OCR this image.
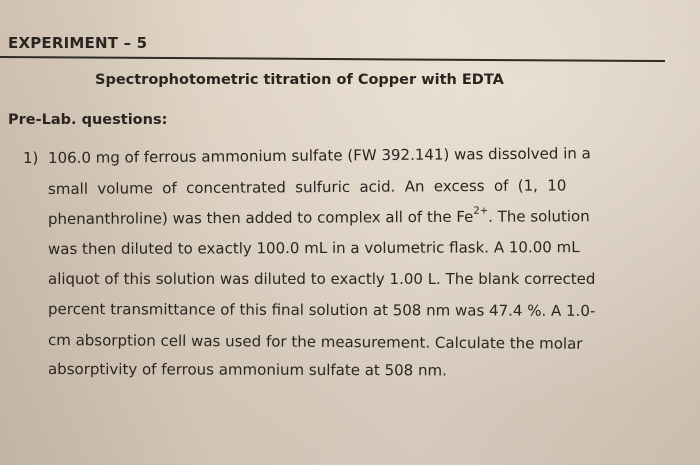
EXPERIMENT – 5
Spectrophotometric titration of Copper with EDTA
Pre-Lab. questions:
1) 106.0 mg of ferrous ammonium sulfate (FW 392.141) was dissolved in a
small volume of concentrated sulfuric acid. An excess of (1, 10
phenanthroline) was then added to complex all of the $Fe^{2+}$. The solution
was then diluted to exactly 100.0 mL in a volumetric flask. A 10.00 mL
aliquot of this solution was diluted to exactly 1.00 L. The blank corrected
percent transmittance of this final solution at 508 nm was 47.4 %. A 1.0-
cm absorption cell was used for the measurement. Calculate the molar
absorptivity of ferrous ammonium sulfate at 508 nm.
